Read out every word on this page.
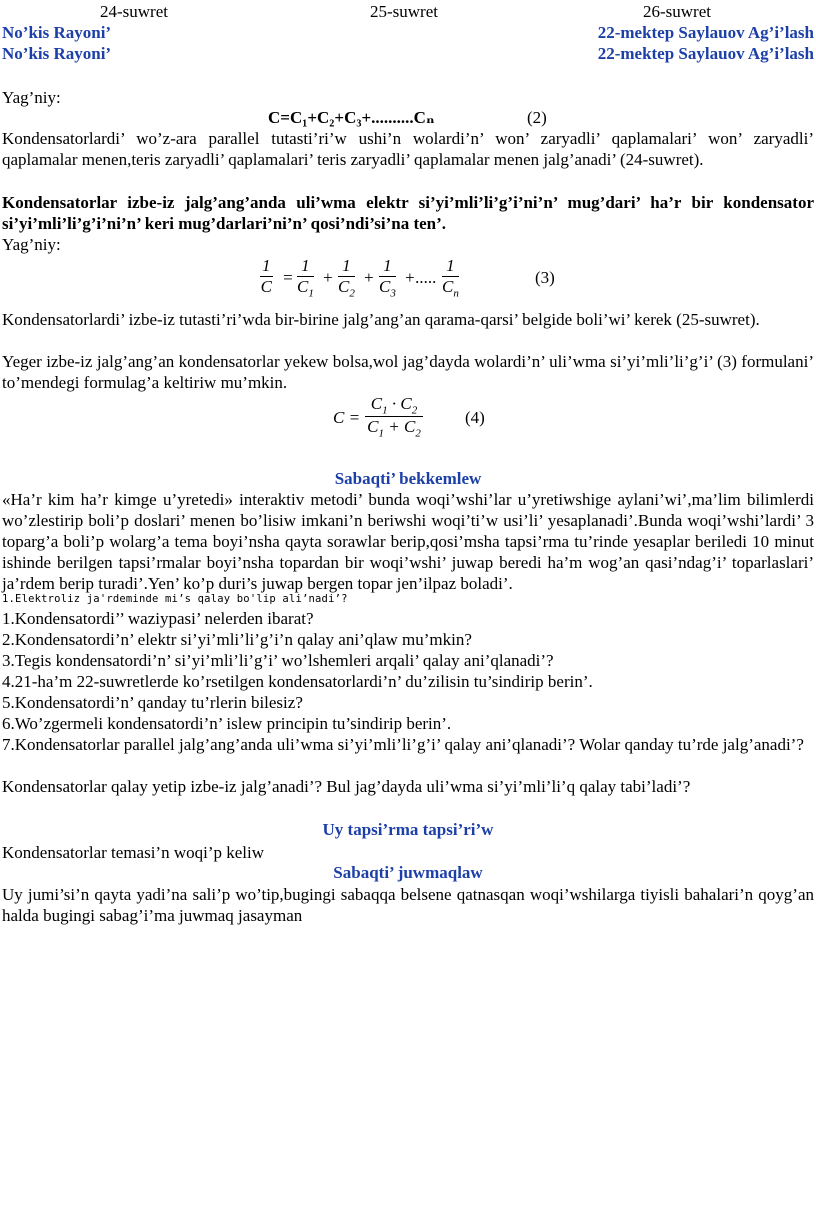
24-suwret	25-suwret	26-suwret
No’kis Rayoni’	22-mektep Saylauov Ag’i’lash
No’kis Rayoni’	22-mektep Saylauov Ag’i’lash
Yag’niy:
C=C₁+C₂+C₃+..........Cₙ	(2)
Kondensatorlardi’ wo’z-ara parallel tutasti’ri’w ushi’n wolardi’n’ won’ zaryadli’ qaplamalari’ won’ zaryadli’ qaplamalar menen,teris zaryadli’ qaplamalari’ teris zaryadli’ qaplamalar menen jalg’anadi’ (24-suwret).
Kondensatorlar izbe-iz jalg’ang’anda uli’wma elektr si’yi’mli’li’g’i’ni’n’ mug’dari’ ha’r bir kondensator si’yi’mli’li’g’i’ni’n’ keri mug’darlari’ni’n’ qosi’ndi’si’na ten’.
Yag’niy:
1
C =
1
$C_1$
+
1
$C_2$
+
1
$C_3$
+.....
1
$C_n$
(3)
Kondensatorlardi’ izbe-iz tutasti’ri’wda bir-birine jalg’ang’an qarama-qarsi’ belgide boli’wi’ kerek (25-suwret).
Yeger izbe-iz jalg’ang’an kondensatorlar yekew bolsa,wol jag’dayda wolardi’n’ uli’wma si’yi’mli’li’g’i’ (3) formulani’ to’mendegi formulag’a keltiriw mu’mkin.
C =
$C_1 \cdot C_2$
$C_1 + C_2$
(4)
Sabaqti’ bekkemlew
«Ha’r kim ha’r kimge u’yretedi» interaktiv metodi’ bunda woqi’wshi’lar u’yretiwshige aylani’wi’,ma’lim bilimlerdi wo’zlestirip boli’p doslari’ menen bo’lisiw imkani’n beriwshi woqi’ti’w usi’li’ yesaplanadi’.Bunda woqi’wshi’lardi’ 3 toparg’a boli’p wolarg’a tema boyi’nsha qayta sorawlar berip,qosi’msha tapsi’rma tu’rinde yesaplar beriledi 10 minut ishinde berilgen tapsi’rmalar boyi’nsha topardan bir woqi’wshi’ juwap beredi ha’m wog’an qasi’ndag’i’ toparlaslari’ ja’rdem berip turadi’.Yen’ ko’p duri’s juwap bergen topar jen’ilpaz boladi’.
1.Elektroliz ja'rdeminde mi’s qalay bo'lip ali’nadi’?
1.Kondensatordi’’ waziypasi’ nelerden ibarat?
2.Kondensatordi’n’ elektr si’yi’mli’li’g’i’n qalay ani’qlaw mu’mkin?
3.Tegis kondensatordi’n’ si’yi’mli’li’g’i’ wo’lshemleri arqali’ qalay ani’qlanadi’?
4.21-ha’m 22-suwretlerde ko’rsetilgen kondensatorlardi’n’ du’zilisin tu’sindirip berin’.
5.Kondensatordi’n’ qanday tu’rlerin bilesiz?
6.Wo’zgermeli kondensatordi’n’ islew principin tu’sindirip berin’.
7.Kondensatorlar parallel jalg’ang’anda uli’wma si’yi’mli’li’g’i’ qalay ani’qlanadi’? Wolar qanday tu’rde jalg’anadi’?
Kondensatorlar qalay yetip izbe-iz jalg’anadi’? Bul jag’dayda uli’wma si’yi’mli’li’q qalay tabi’ladi’?
Uy tapsi’rma tapsi’ri’w
Kondensatorlar temasi’n woqi’p keliw
Sabaqti’ juwmaqlaw
Uy jumi’si’n qayta yadi’na sali’p wo’tip,bugingi sabaqqa belsene qatnasqan woqi’wshilarga tiyisli bahalari’n qoyg’an halda bugingi sabag’i’ma juwmaq jasayman
